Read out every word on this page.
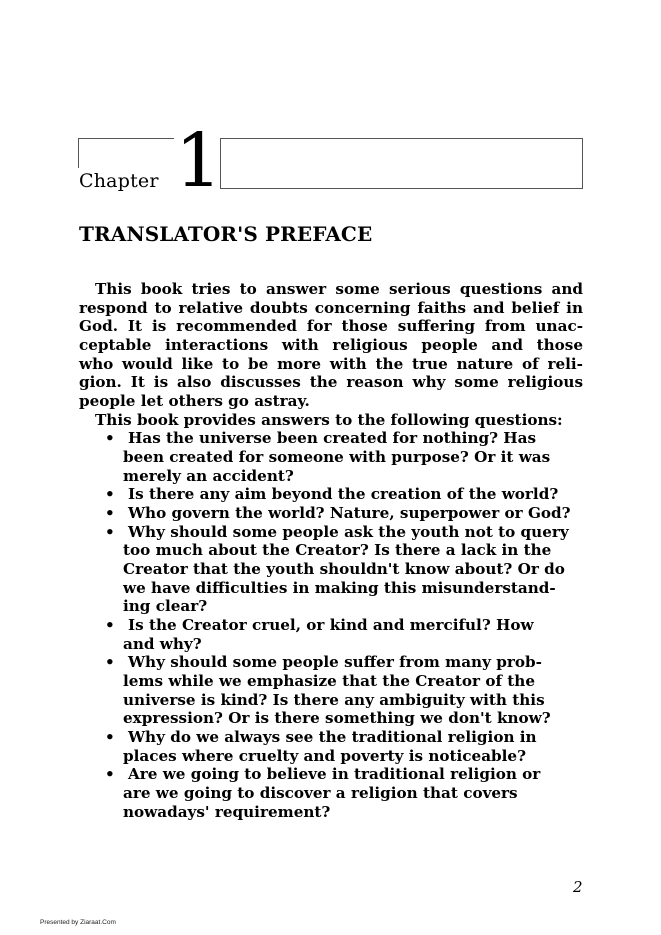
Chapter 1
TRANSLATOR'S PREFACE
This book tries to answer some serious questions and
respond to relative doubts concerning faiths and belief in
God. It is recommended for those suffering from unac-
ceptable interactions with religious people and those
who would like to be more with the true nature of reli-
gion. It is also discusses the reason why some religious
people let others go astray.
This book provides answers to the following questions:
• Has the universe been created for nothing? Has
been created for someone with purpose? Or it was
merely an accident?
• Is there any aim beyond the creation of the world?
• Who govern the world? Nature, superpower or God?
• Why should some people ask the youth not to query
too much about the Creator? Is there a lack in the
Creator that the youth shouldn't know about? Or do
we have difficulties in making this misunderstand-
ing clear?
• Is the Creator cruel, or kind and merciful? How
and why?
• Why should some people suffer from many prob-
lems while we emphasize that the Creator of the
universe is kind? Is there any ambiguity with this
expression? Or is there something we don't know?
• Why do we always see the traditional religion in
places where cruelty and poverty is noticeable?
• Are we going to believe in traditional religion or
are we going to discover a religion that covers
nowadays' requirement?
2
Presented by Ziaraat.Com
